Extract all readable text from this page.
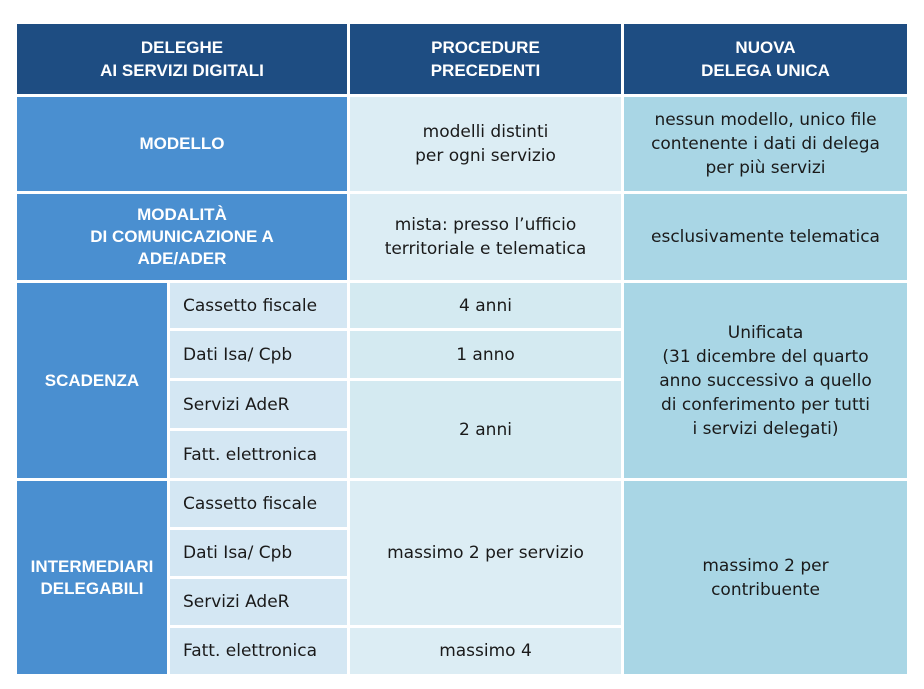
DELEGHE
AI SERVIZI DIGITALI
PROCEDURE
PRECEDENTI
NUOVA
DELEGA UNICA
MODELLO
modelli distinti
per ogni servizio
nessun modello, unico file
contenente i dati di delega
per più servizi
MODALITÀ
DI COMUNICAZIONE A
ADE/ADER
mista: presso l’ufficio
territoriale e telematica
esclusivamente telematica
SCADENZA
Cassetto fiscale
Dati Isa/ Cpb
Servizi AdeR
Fatt. elettronica
4 anni
1 anno
2 anni
Unificata
(31 dicembre del quarto
anno successivo a quello
di conferimento per tutti
i servizi delegati)
INTERMEDIARI
DELEGABILI
Cassetto fiscale
Dati Isa/ Cpb
Servizi AdeR
Fatt. elettronica
massimo 2 per servizio
massimo 4
massimo 2 per
contribuente
